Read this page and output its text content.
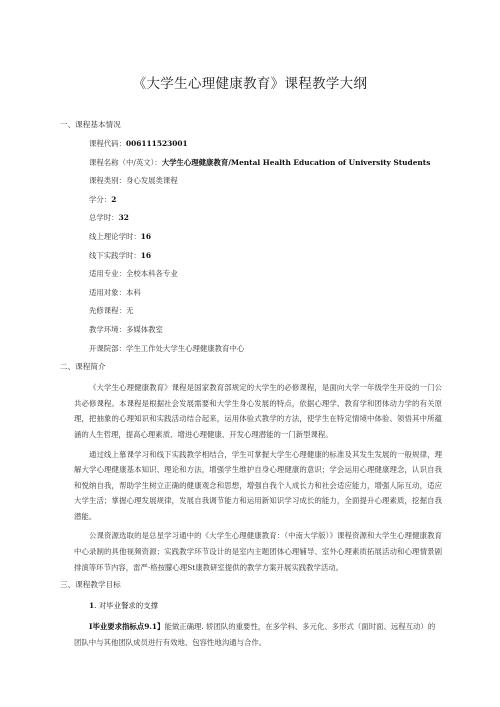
《大学生心理健康教育》课程教学大纲
一、课程基本情况
课程代码：006111523001
课程名称（中/英文）：大学生心理健康教育/Mental Health Education of University Students
课程类别：身心发展类课程
学分：2
总学时：32
线上理论学时：16
线下实践学时：16
适用专业：全校本科各专业
适用对象：本科
先修课程：无
教学环境：多媒体教室
开课院部：学生工作处大学生心理健康教育中心
二、课程简介

《大学生心理健康教育》课程是国家教育部规定的大学生的必修课程，是面向大学一年级学生开设的一门公共必修课程。本课程是根据社会发展需要和大学生身心发展的特点，依据心理学、教育学和团体动力学的有关原理，把抽象的心理知识和实践活动结合起来，运用体验式教学的方法，使学生在特定情境中体验、领悟其中所蕴涵的人生哲理，提高心理素质、增进心理健康、开发心理潜能的一门新型课程。

通过线上慕课学习和线下实践教学相结合，学生可掌握大学生心理健康的标准及其发生发展的一般规律，理解大学心理健康基本知识、理论和方法，增强学生维护自身心理健康的意识；学会运用心理健康理念，认识自我和悦纳自我，帮助学生树立正确的健康观念和思想，增强自我个人成长力和社会适应能力，增强人际互动，适应大学生活；掌握心理发展规律，发展自我调节能力和运用新知识学习成长的能力，全面提升心理素质，挖掘自我潜能。

公课资源选取的是总星学习通中的《大学生心理健康教育：（中南大学版）》课程资源和大学生心理健康教育中心录制的具他视频资源；实践教学环节设计的是室内主题团体心理辅导、室外心理素质拓展活动和心理情景剧排演等环节内容，雷严·格按朦心理St康教研室提供的教学方案开展实践教学活动。

三、课程教学目标
1. 对毕业餐求的支撑

I毕业要求指标点9.1】能做正确理. 轿团队的重要性，在多学科、多元化、多形式（面时面、远程互动）的团队中与其他团队成员进行有效地、包容性地沟通与合作。
